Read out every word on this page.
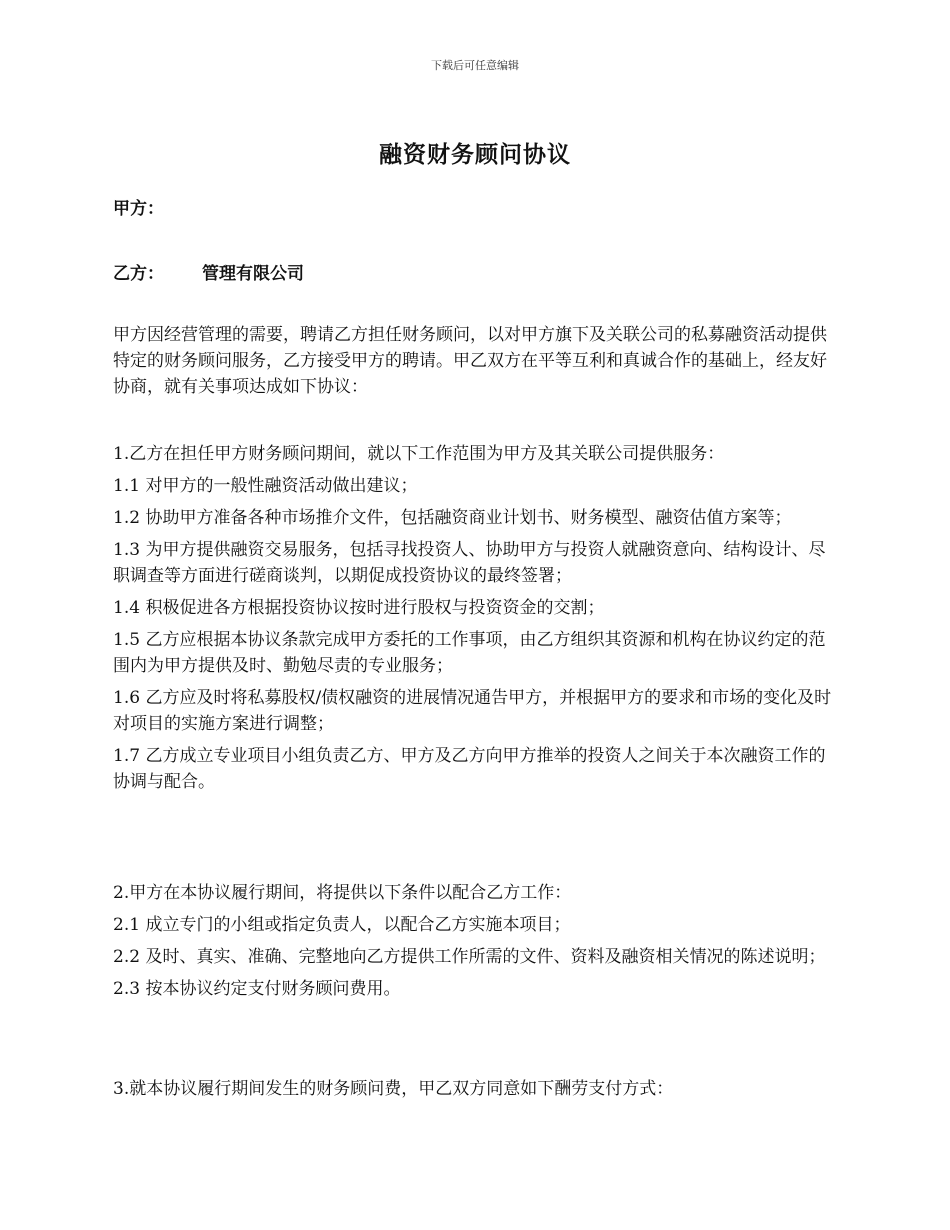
下载后可任意编辑
融资财务顾问协议
甲方：
乙方： 管理有限公司
甲方因经营管理的需要，聘请乙方担任财务顾问，以对甲方旗下及关联公司的私募融资活动提供特定的财务顾问服务，乙方接受甲方的聘请。甲乙双方在平等互利和真诚合作的基础上，经友好协商，就有关事项达成如下协议：
1.乙方在担任甲方财务顾问期间，就以下工作范围为甲方及其关联公司提供服务：
1.1 对甲方的一般性融资活动做出建议；
1.2 协助甲方准备各种市场推介文件，包括融资商业计划书、财务模型、融资估值方案等；
1.3 为甲方提供融资交易服务，包括寻找投资人、协助甲方与投资人就融资意向、结构设计、尽职调查等方面进行磋商谈判，以期促成投资协议的最终签署；
1.4 积极促进各方根据投资协议按时进行股权与投资资金的交割；
1.5 乙方应根据本协议条款完成甲方委托的工作事项，由乙方组织其资源和机构在协议约定的范围内为甲方提供及时、勤勉尽责的专业服务；
1.6 乙方应及时将私募股权/债权融资的进展情况通告甲方，并根据甲方的要求和市场的变化及时对项目的实施方案进行调整；
1.7 乙方成立专业项目小组负责乙方、甲方及乙方向甲方推举的投资人之间关于本次融资工作的协调与配合。
2.甲方在本协议履行期间，将提供以下条件以配合乙方工作：
2.1 成立专门的小组或指定负责人，以配合乙方实施本项目；
2.2 及时、真实、准确、完整地向乙方提供工作所需的文件、资料及融资相关情况的陈述说明；
2.3 按本协议约定支付财务顾问费用。
3.就本协议履行期间发生的财务顾问费，甲乙双方同意如下酬劳支付方式：
